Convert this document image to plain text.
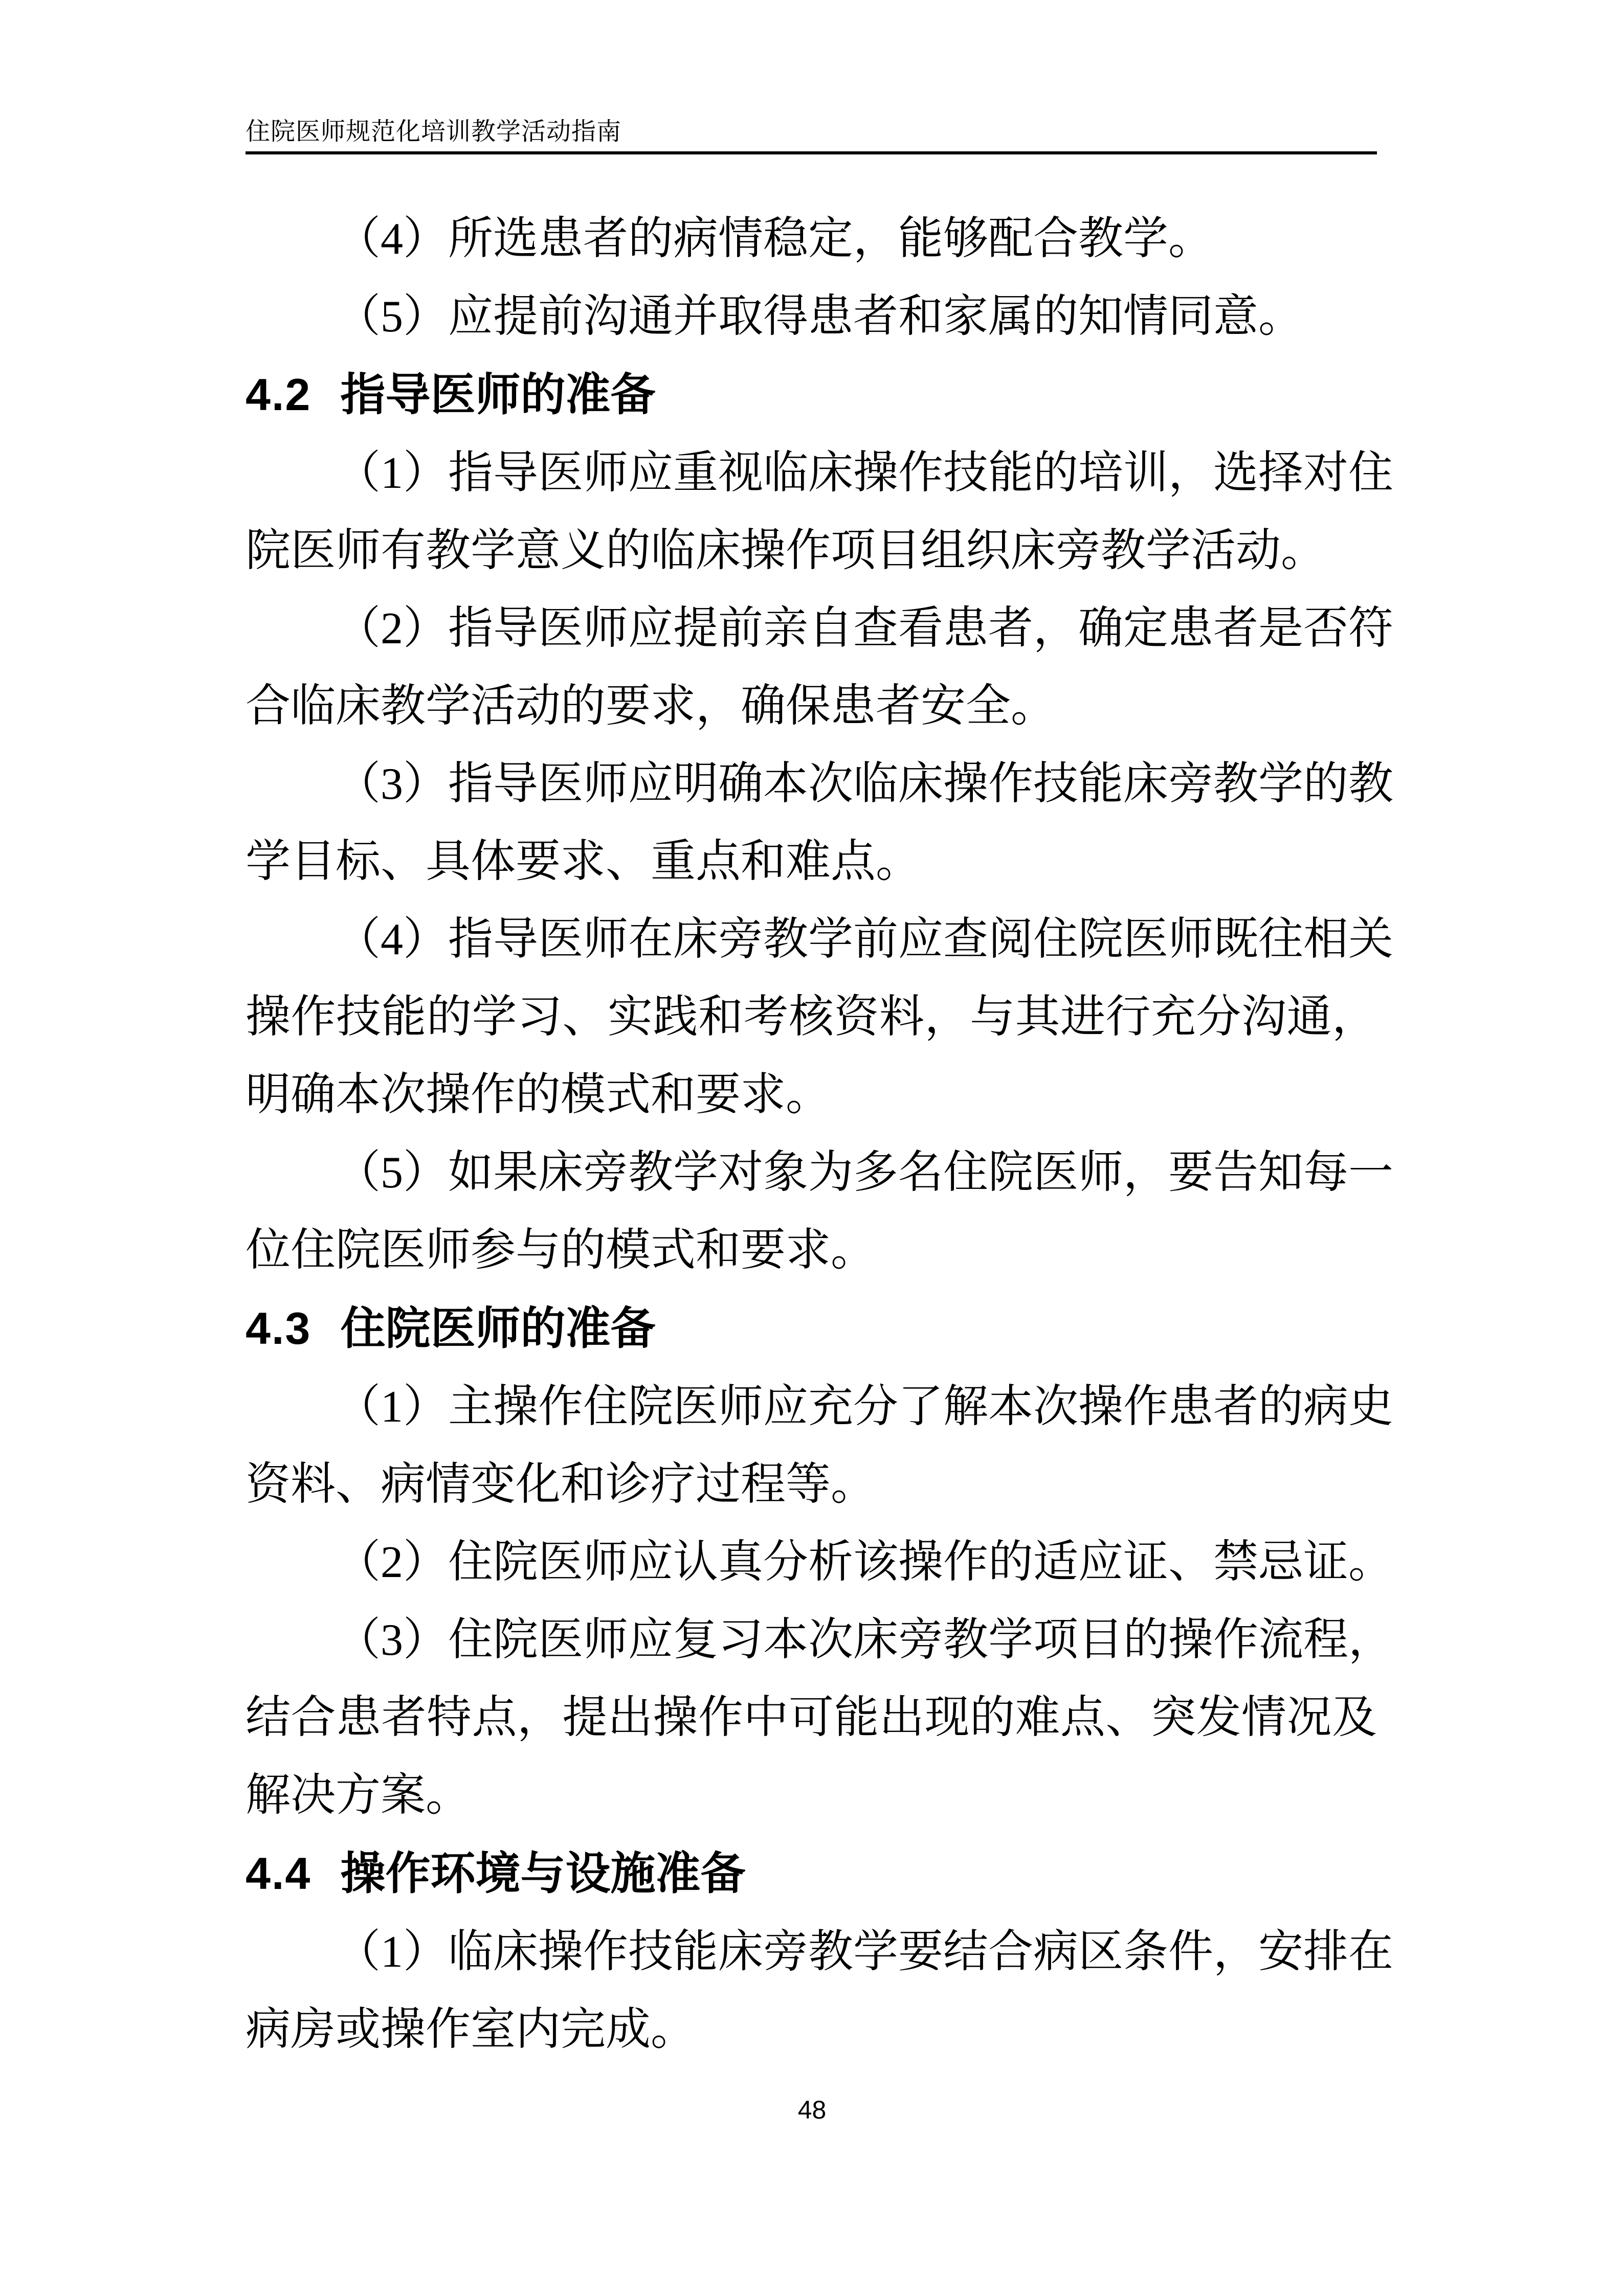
住院医师规范化培训教学活动指南
（4）所选患者的病情稳定，能够配合教学。
（5）应提前沟通并取得患者和家属的知情同意。
4.2 指导医师的准备
（1）指导医师应重视临床操作技能的培训，选择对住
院医师有教学意义的临床操作项目组织床旁教学活动。
（2）指导医师应提前亲自查看患者，确定患者是否符
合临床教学活动的要求，确保患者安全。
（3）指导医师应明确本次临床操作技能床旁教学的教
学目标、具体要求、重点和难点。
（4）指导医师在床旁教学前应查阅住院医师既往相关
操作技能的学习、实践和考核资料，与其进行充分沟通，
明确本次操作的模式和要求。
（5）如果床旁教学对象为多名住院医师，要告知每一
位住院医师参与的模式和要求。
4.3 住院医师的准备
（1）主操作住院医师应充分了解本次操作患者的病史
资料、病情变化和诊疗过程等。
（2）住院医师应认真分析该操作的适应证、禁忌证。
（3）住院医师应复习本次床旁教学项目的操作流程，
结合患者特点，提出操作中可能出现的难点、突发情况及
解决方案。
4.4 操作环境与设施准备
（1）临床操作技能床旁教学要结合病区条件，安排在
病房或操作室内完成。
48
